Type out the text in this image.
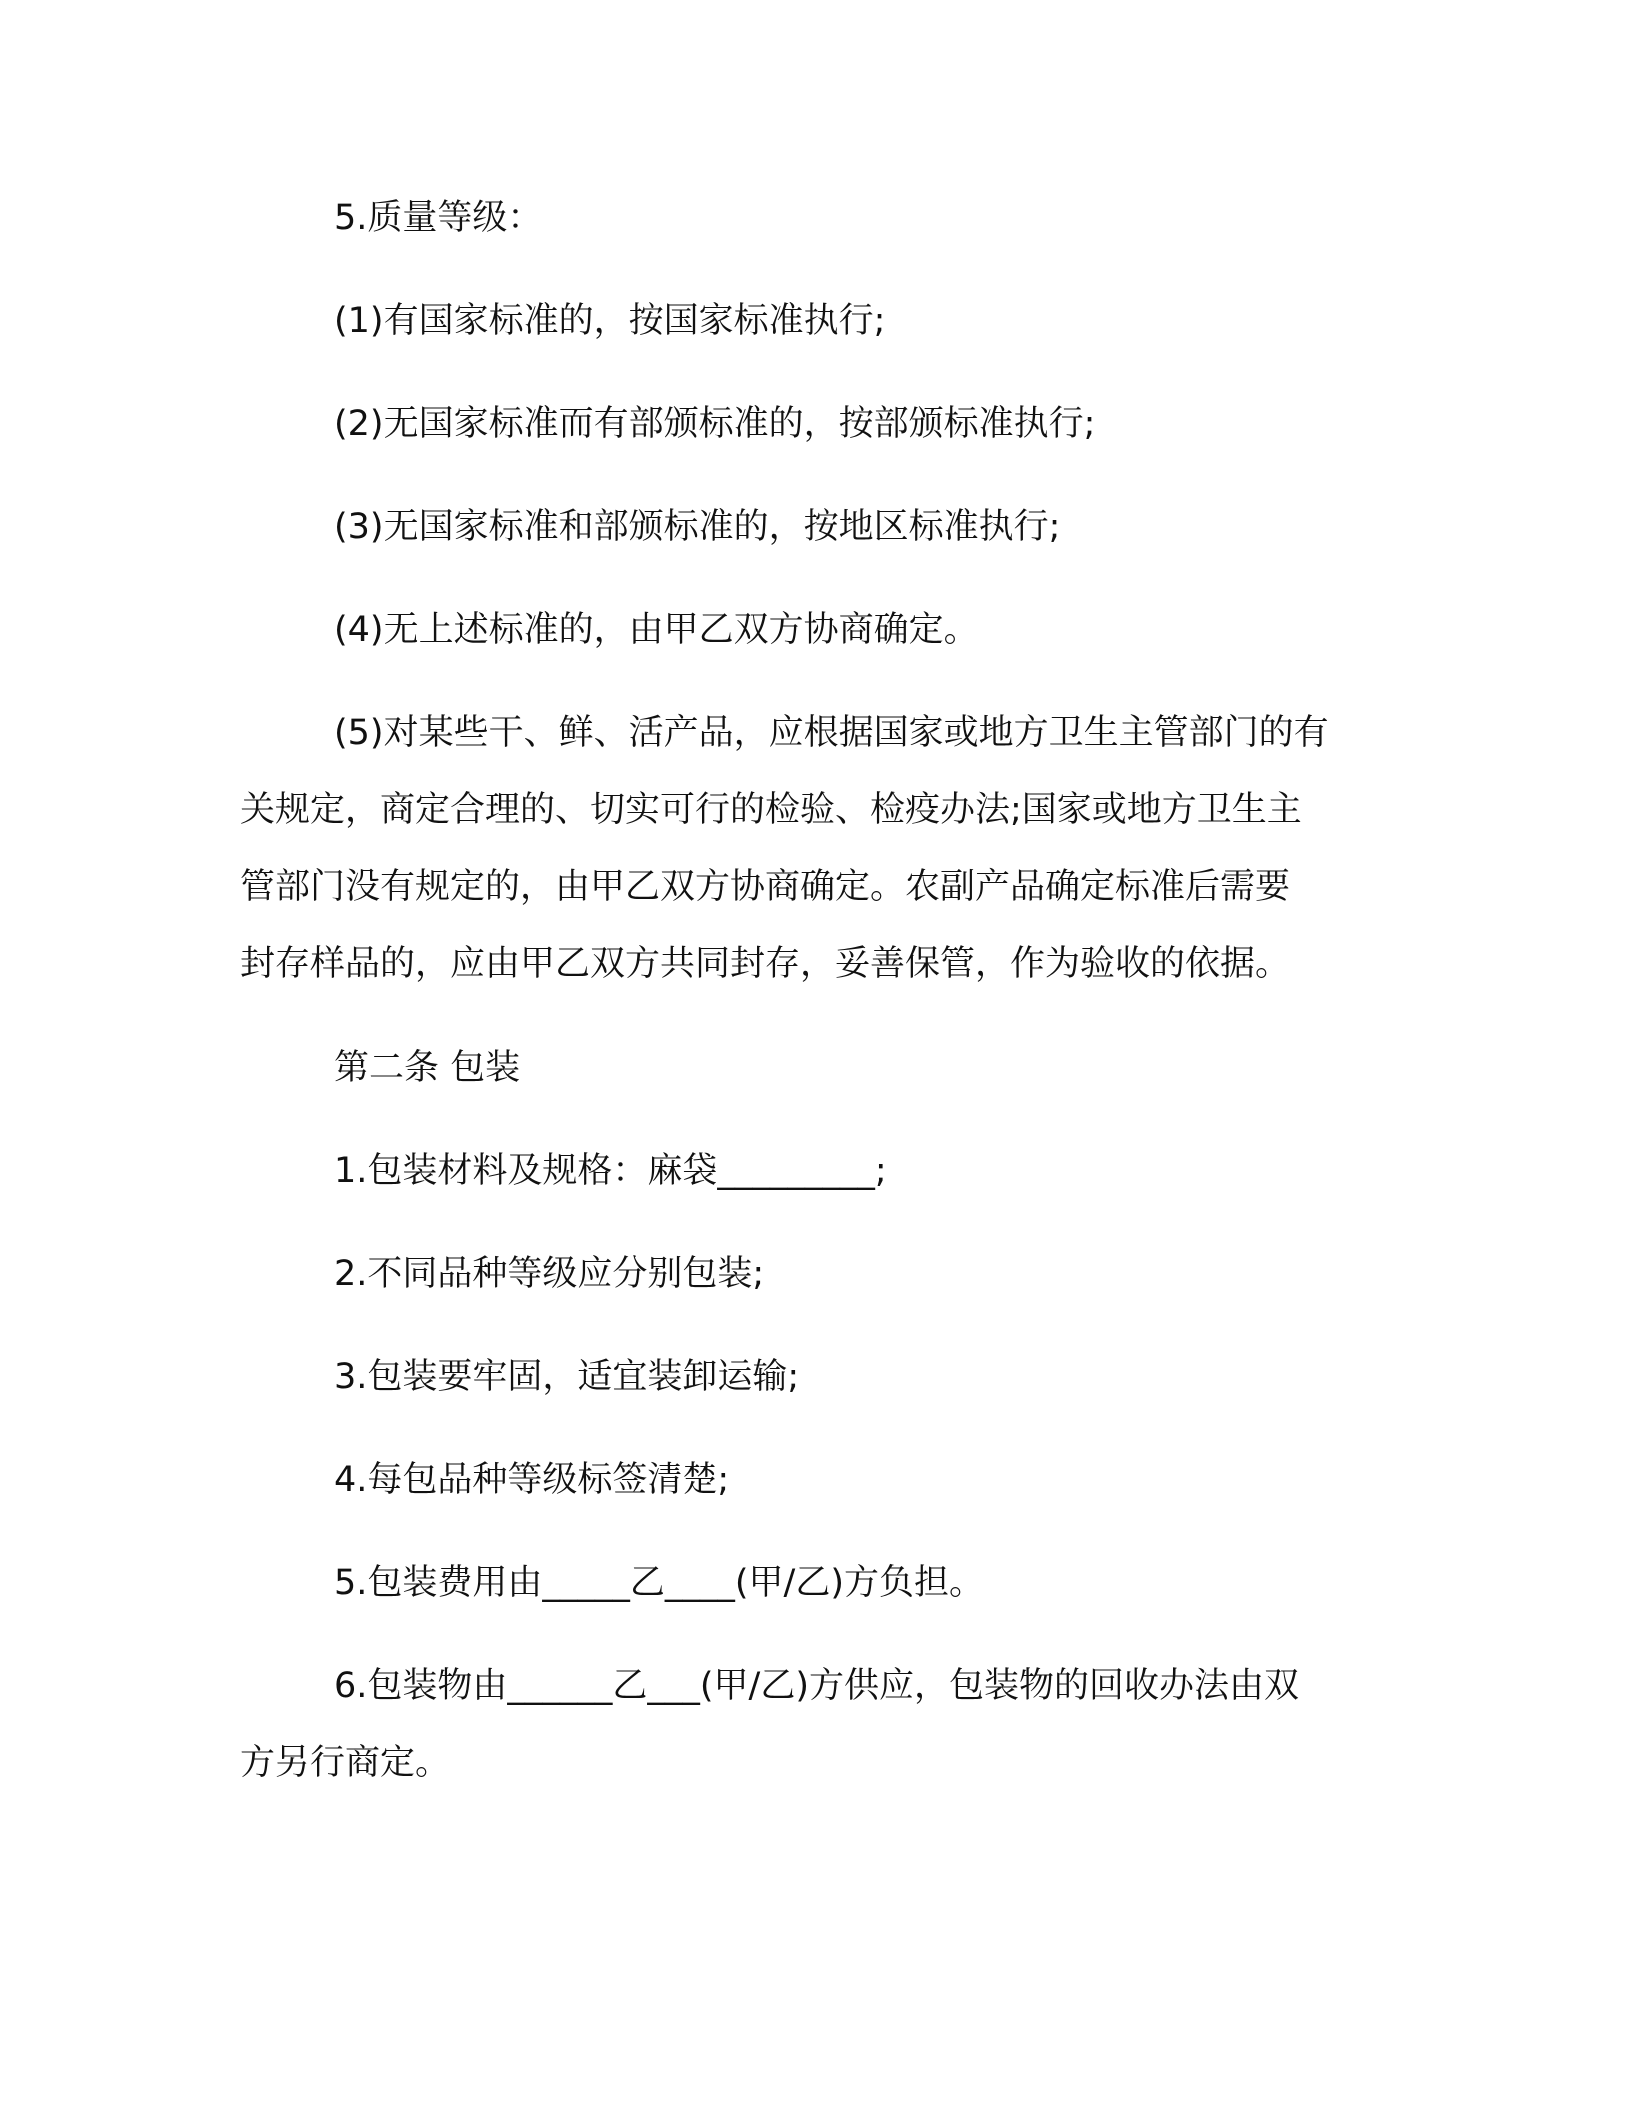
5.质量等级：

(1)有国家标准的，按国家标准执行;

(2)无国家标准而有部颁标准的，按部颁标准执行;

(3)无国家标准和部颁标准的，按地区标准执行;

(4)无上述标准的，由甲乙双方协商确定。

(5)对某些干、鲜、活产品，应根据国家或地方卫生主管部门的有
关规定，商定合理的、切实可行的检验、检疫办法;国家或地方卫生主
管部门没有规定的，由甲乙双方协商确定。农副产品确定标准后需要
封存样品的，应由甲乙双方共同封存，妥善保管，作为验收的依据。

第二条 包装

1.包装材料及规格：麻袋_________;

2.不同品种等级应分别包装;

3.包装要牢固，适宜装卸运输;

4.每包品种等级标签清楚;

5.包装费用由_____乙____(甲/乙)方负担。

6.包装物由______乙___(甲/乙)方供应，包装物的回收办法由双
方另行商定。
